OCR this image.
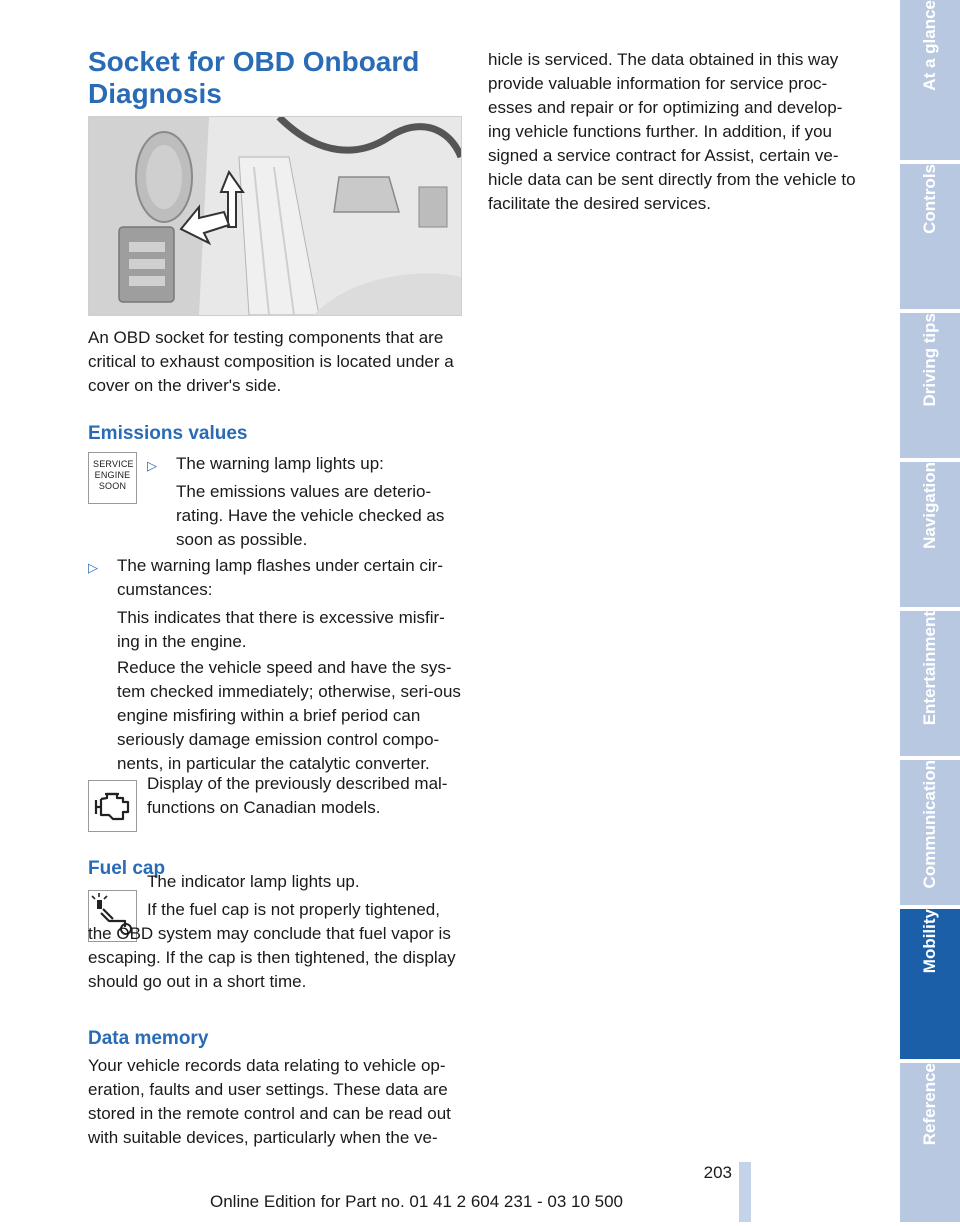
Socket for OBD Onboard Diagnosis
MV09269CMA

An OBD socket for testing components that are critical to exhaust composition is located under a cover on the driver's side.

Emissions values
SERVICE ENGINE SOON
▷ The warning lamp lights up:

The emissions values are deterio-rating. Have the vehicle checked as soon as possible.

▷ The warning lamp flashes under certain cir-cumstances:

This indicates that there is excessive misfir-ing in the engine.

Reduce the vehicle speed and have the sys-tem checked immediately; otherwise, seri-ous engine misfiring within a brief period can seriously damage emission control compo-nents, in particular the catalytic converter.

Display of the previously described mal-functions on Canadian models.

Fuel cap

The indicator lamp lights up.

If the fuel cap is not properly tightened, the OBD system may conclude that fuel vapor is escaping. If the cap is then tightened, the display should go out in a short time.

Data memory

Your vehicle records data relating to vehicle op-eration, faults and user settings. These data are stored in the remote control and can be read out with suitable devices, particularly when the ve-

hicle is serviced. The data obtained in this way provide valuable information for service proc-esses and repair or for optimizing and develop-ing vehicle functions further. In addition, if you signed a service contract for Assist, certain ve-hicle data can be sent directly from the vehicle to facilitate the desired services.

At a glance
Controls
Driving tips
Navigation
Entertainment
Communication
Mobility
Reference
203
Online Edition for Part no. 01 41 2 604 231 - 03 10 500
